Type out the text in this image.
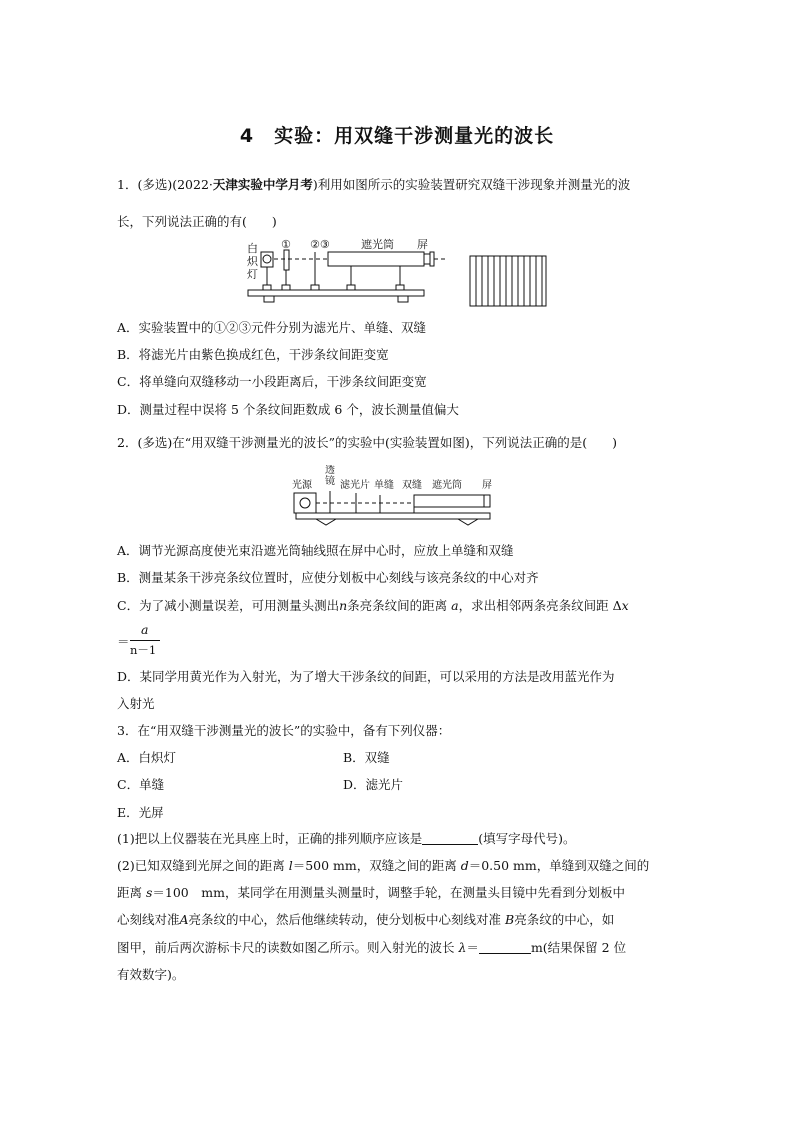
4　实验：用双缝干涉测量光的波长
1．(多选)(2022·天津实验中学月考)利用如图所示的实验装置研究双缝干涉现象并测量光的波
长，下列说法正确的有(　　)
白
炽
灯
① ②③	遮光筒 屏
A．实验装置中的①②③元件分别为滤光片、单缝、双缝
B．将滤光片由紫色换成红色，干涉条纹间距变宽
C．将单缝向双缝移动一小段距离后，干涉条纹间距变宽
D．测量过程中误将 5 个条纹间距数成 6 个，波长测量值偏大
2．(多选)在“用双缝干涉测量光的波长”的实验中(实验装置如图)，下列说法正确的是(　　)
光源
透
镜 滤光片 单缝 双缝 遮光筒 屏
A．调节光源高度使光束沿遮光筒轴线照在屏中心时，应放上单缝和双缝
B．测量某条干涉亮条纹位置时，应使分划板中心刻线与该亮条纹的中心对齐
C．为了减小测量误差，可用测量头测出n条亮条纹间的距离 a，求出相邻两条亮条纹间距 Δx
＝
a
n－1
D．某同学用黄光作为入射光，为了增大干涉条纹的间距，可以采用的方法是改用蓝光作为
入射光
3．在“用双缝干涉测量光的波长”的实验中，备有下列仪器：
A．白炽灯	B．双缝
C．单缝	D．滤光片
E．光屏
(1)把以上仪器装在光具座上时，正确的排列顺序应该是	(填写字母代号)。
(2)已知双缝到光屏之间的距离 l＝500 mm，双缝之间的距离 d＝0.50 mm，单缝到双缝之间的
距离 s＝100　mm，某同学在用测量头测量时，调整手轮，在测量头目镜中先看到分划板中
心刻线对准A亮条纹的中心，然后他继续转动，使分划板中心刻线对准 B亮条纹的中心，如
图甲，前后两次游标卡尺的读数如图乙所示。则入射光的波长 λ＝	m(结果保留 2 位
有效数字)。
